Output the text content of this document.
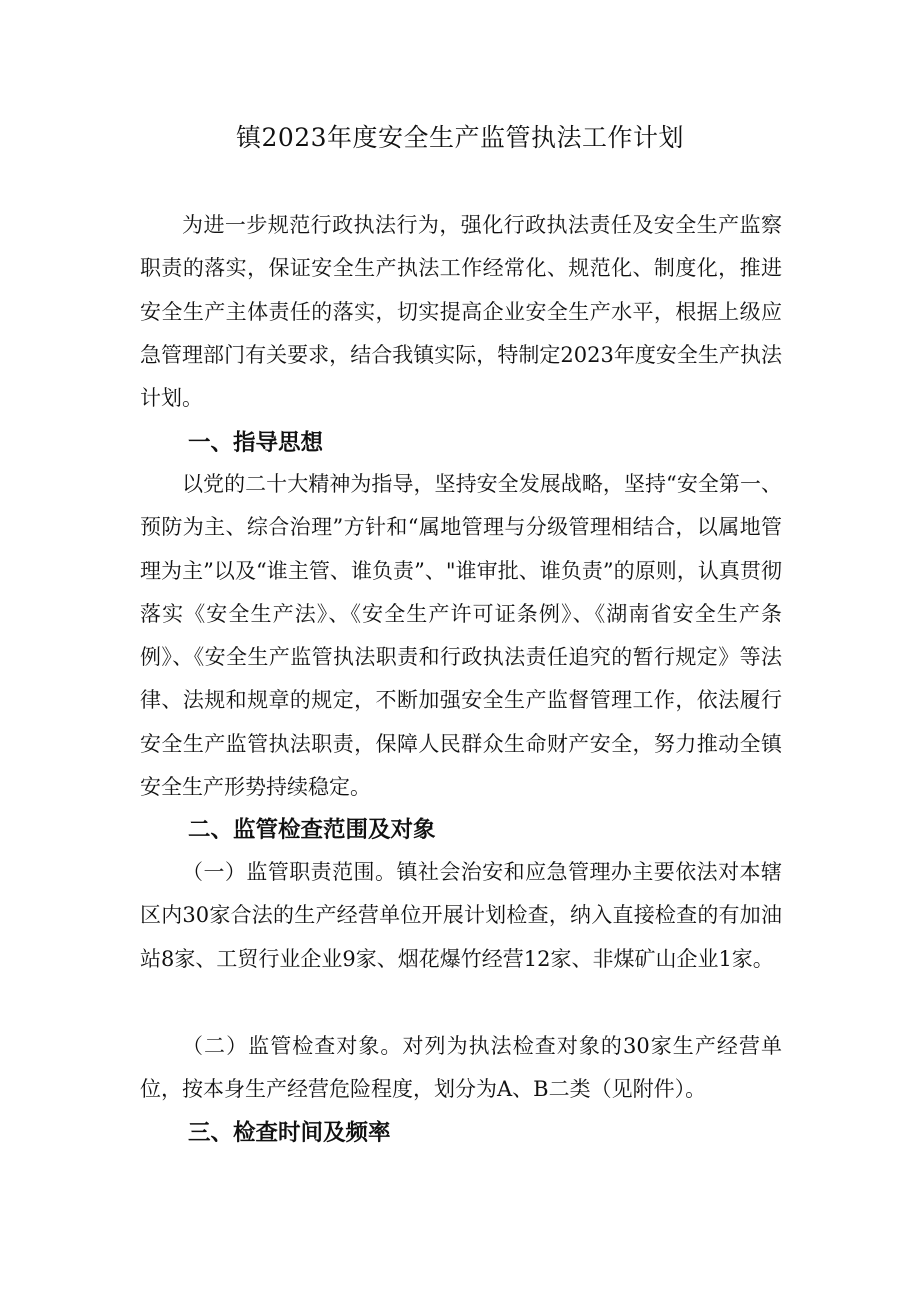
镇2023年度安全生产监管执法工作计划

为进一步规范行政执法行为，强化行政执法责任及安全生产监察职责的落实，保证安全生产执法工作经常化、规范化、制度化，推进安全生产主体责任的落实，切实提高企业安全生产水平，根据上级应急管理部门有关要求，结合我镇实际，特制定2023年度安全生产执法计划。

一、指导思想

以党的二十大精神为指导，坚持安全发展战略，坚持“安全第一、预防为主、综合治理”方针和“属地管理与分级管理相结合，以属地管理为主”以及“谁主管、谁负责”、"谁审批、谁负责”的原则，认真贯彻落实《安全生产法》、《安全生产许可证条例》、《湖南省安全生产条例》、《安全生产监管执法职责和行政执法责任追究的暂行规定》等法律、法规和规章的规定，不断加强安全生产监督管理工作，依法履行安全生产监管执法职责，保障人民群众生命财产安全，努力推动全镇安全生产形势持续稳定。

二、监管检查范围及对象

（一）监管职责范围。镇社会治安和应急管理办主要依法对本辖区内30家合法的生产经营单位开展计划检查，纳入直接检查的有加油站8家、工贸行业企业9家、烟花爆竹经营12家、非煤矿山企业1家。

（二）监管检查对象。对列为执法检查对象的30家生产经营单位，按本身生产经营危险程度，划分为A、B二类（见附件）。

三、检查时间及频率
